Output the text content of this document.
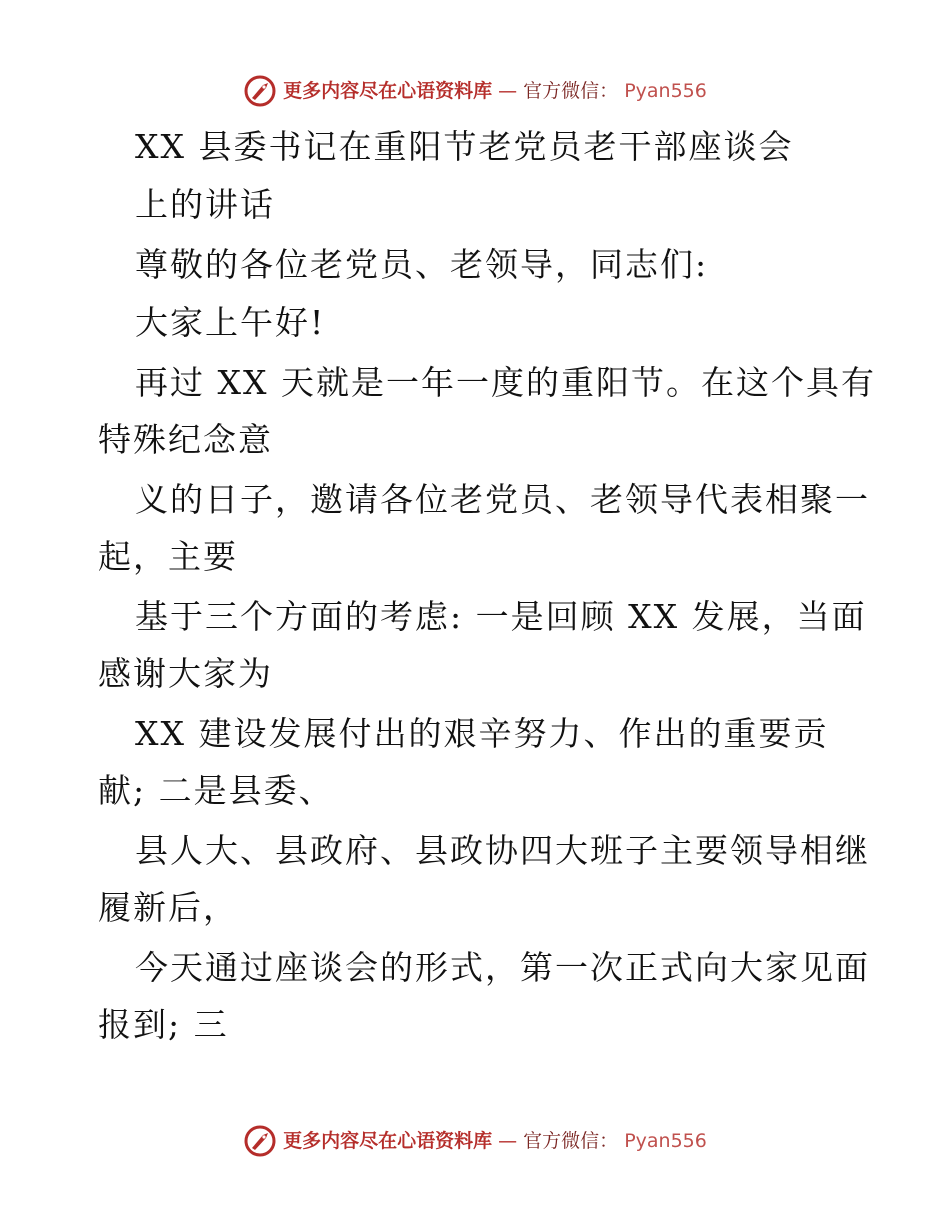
更多内容尽在心语资料库 — 官方微信： Pyan556
XX 县委书记在重阳节老党员老干部座谈会
上的讲话
尊敬的各位老党员、老领导，同志们:
大家上午好!
再过 XX 天就是一年一度的重阳节。在这个具有
特殊纪念意
义的日子，邀请各位老党员、老领导代表相聚一
起，主要
基于三个方面的考虑: 一是回顾 XX 发展，当面
感谢大家为
XX 建设发展付出的艰辛努力、作出的重要贡
献; 二是县委、
县人大、县政府、县政协四大班子主要领导相继
履新后，
今天通过座谈会的形式，第一次正式向大家见面
报到; 三
更多内容尽在心语资料库 — 官方微信： Pyan556
